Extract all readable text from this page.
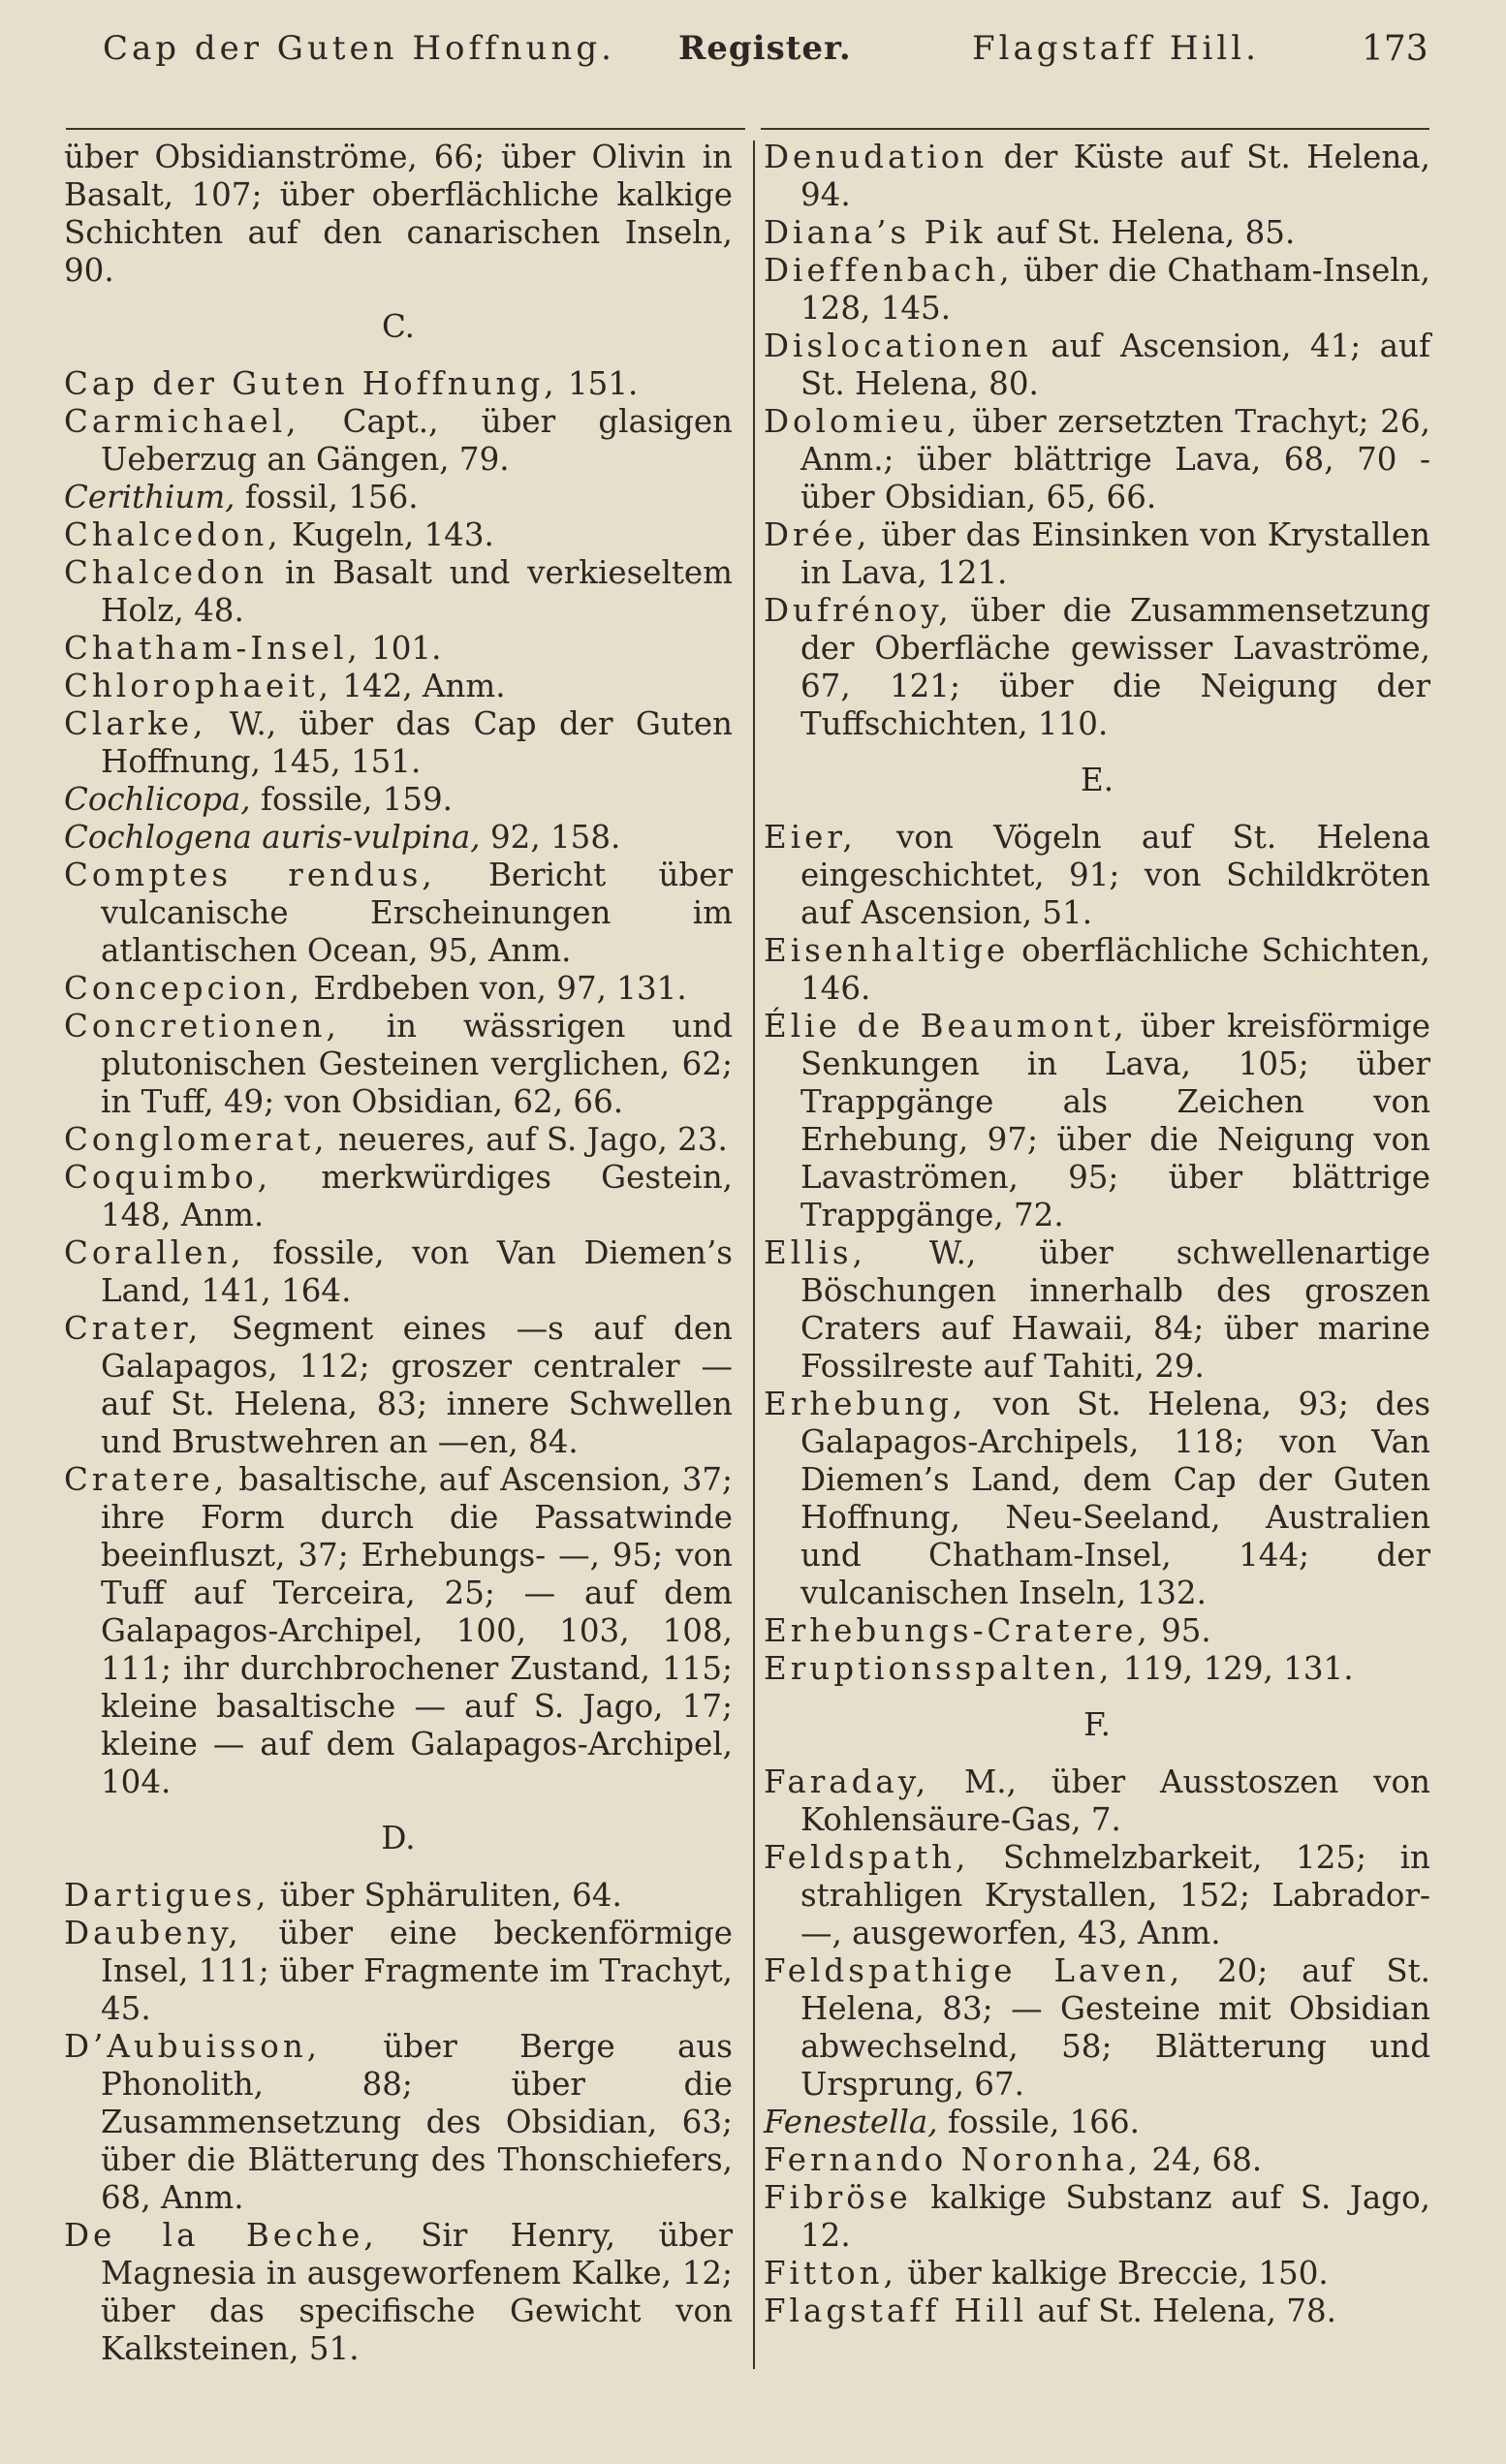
Cap der Guten Hoffnung. Register.	Flagstaff Hill.	173
über Obsidianströme, 66; über Olivin in Basalt, 107; über oberflächliche kalkige Schichten auf den canarischen Inseln, 90.
C.
Cap der Guten Hoffnung, 151.
Carmichael, Capt., über glasigen Ueberzug an Gängen, 79.
Cerithium, fossil, 156.
Chalcedon, Kugeln, 143.
Chalcedon in Basalt und verkieseltem Holz, 48.
Chatham-Insel, 101.
Chlorophaeit, 142, Anm.
Clarke, W., über das Cap der Guten Hoffnung, 145, 151.
Cochlicopa, fossile, 159.
Cochlogena auris-vulpina, 92, 158.
Comptes rendus, Bericht über vulcanische Erscheinungen im atlantischen Ocean, 95, Anm.
Concepcion, Erdbeben von, 97, 131.
Concretionen, in wässrigen und plutonischen Gesteinen verglichen, 62; in Tuff, 49; von Obsidian, 62, 66.
Conglomerat, neueres, auf S. Jago, 23.
Coquimbo, merkwürdiges Gestein, 148, Anm.
Corallen, fossile, von Van Diemen’s Land, 141, 164.
Crater, Segment eines —s auf den Galapagos, 112; groszer centraler — auf St. Helena, 83; innere Schwellen und Brustwehren an —en, 84.
Cratere, basaltische, auf Ascension, 37; ihre Form durch die Passatwinde beeinfluszt, 37; Erhebungs- —, 95; von Tuff auf Terceira, 25; — auf dem Galapagos-Archipel, 100, 103, 108, 111; ihr durchbrochener Zustand, 115; kleine basaltische — auf S. Jago, 17; kleine — auf dem Galapagos-Archipel, 104.
D.
Dartigues, über Sphäruliten, 64.
Daubeny, über eine beckenförmige Insel, 111; über Fragmente im Trachyt, 45.
D’Aubuisson, über Berge aus Phonolith, 88; über die Zusammensetzung des Obsidian, 63; über die Blätterung des Thonschiefers, 68, Anm.
De la Beche, Sir Henry, über Magnesia in ausgeworfenem Kalke, 12; über das specifische Gewicht von Kalksteinen, 51.
Denudation der Küste auf St. Helena, 94.
Diana’s Pik auf St. Helena, 85.
Dieffenbach, über die Chatham-Inseln, 128, 145.
Dislocationen auf Ascension, 41; auf St. Helena, 80.
Dolomieu, über zersetzten Trachyt; 26, Anm.; über blättrige Lava, 68, 70 - über Obsidian, 65, 66.
Drée, über das Einsinken von Krystallen in Lava, 121.
Dufrénoy, über die Zusammensetzung der Oberfläche gewisser Lavaströme, 67, 121; über die Neigung der Tuffschichten, 110.
E.
Eier, von Vögeln auf St. Helena eingeschichtet, 91; von Schildkröten auf Ascension, 51.
Eisenhaltige oberflächliche Schichten, 146.
Élie de Beaumont, über kreisförmige Senkungen in Lava, 105; über Trappgänge als Zeichen von Erhebung, 97; über die Neigung von Lavaströmen, 95; über blättrige Trappgänge, 72.
Ellis, W., über schwellenartige Böschungen innerhalb des groszen Craters auf Hawaii, 84; über marine Fossilreste auf Tahiti, 29.
Erhebung, von St. Helena, 93; des Galapagos-Archipels, 118; von Van Diemen’s Land, dem Cap der Guten Hoffnung, Neu-Seeland, Australien und Chatham-Insel, 144; der vulcanischen Inseln, 132.
Erhebungs-Cratere, 95.
Eruptionsspalten, 119, 129, 131.
F.
Faraday, M., über Ausstoszen von Kohlensäure-Gas, 7.
Feldspath, Schmelzbarkeit, 125; in strahligen Krystallen, 152; Labrador- —, ausgeworfen, 43, Anm.
Feldspathige Laven, 20; auf St. Helena, 83; — Gesteine mit Obsidian abwechselnd, 58; Blätterung und Ursprung, 67.
Fenestella, fossile, 166.
Fernando Noronha, 24, 68.
Fibröse kalkige Substanz auf S. Jago, 12.
Fitton, über kalkige Breccie, 150.
Flagstaff Hill auf St. Helena, 78.
